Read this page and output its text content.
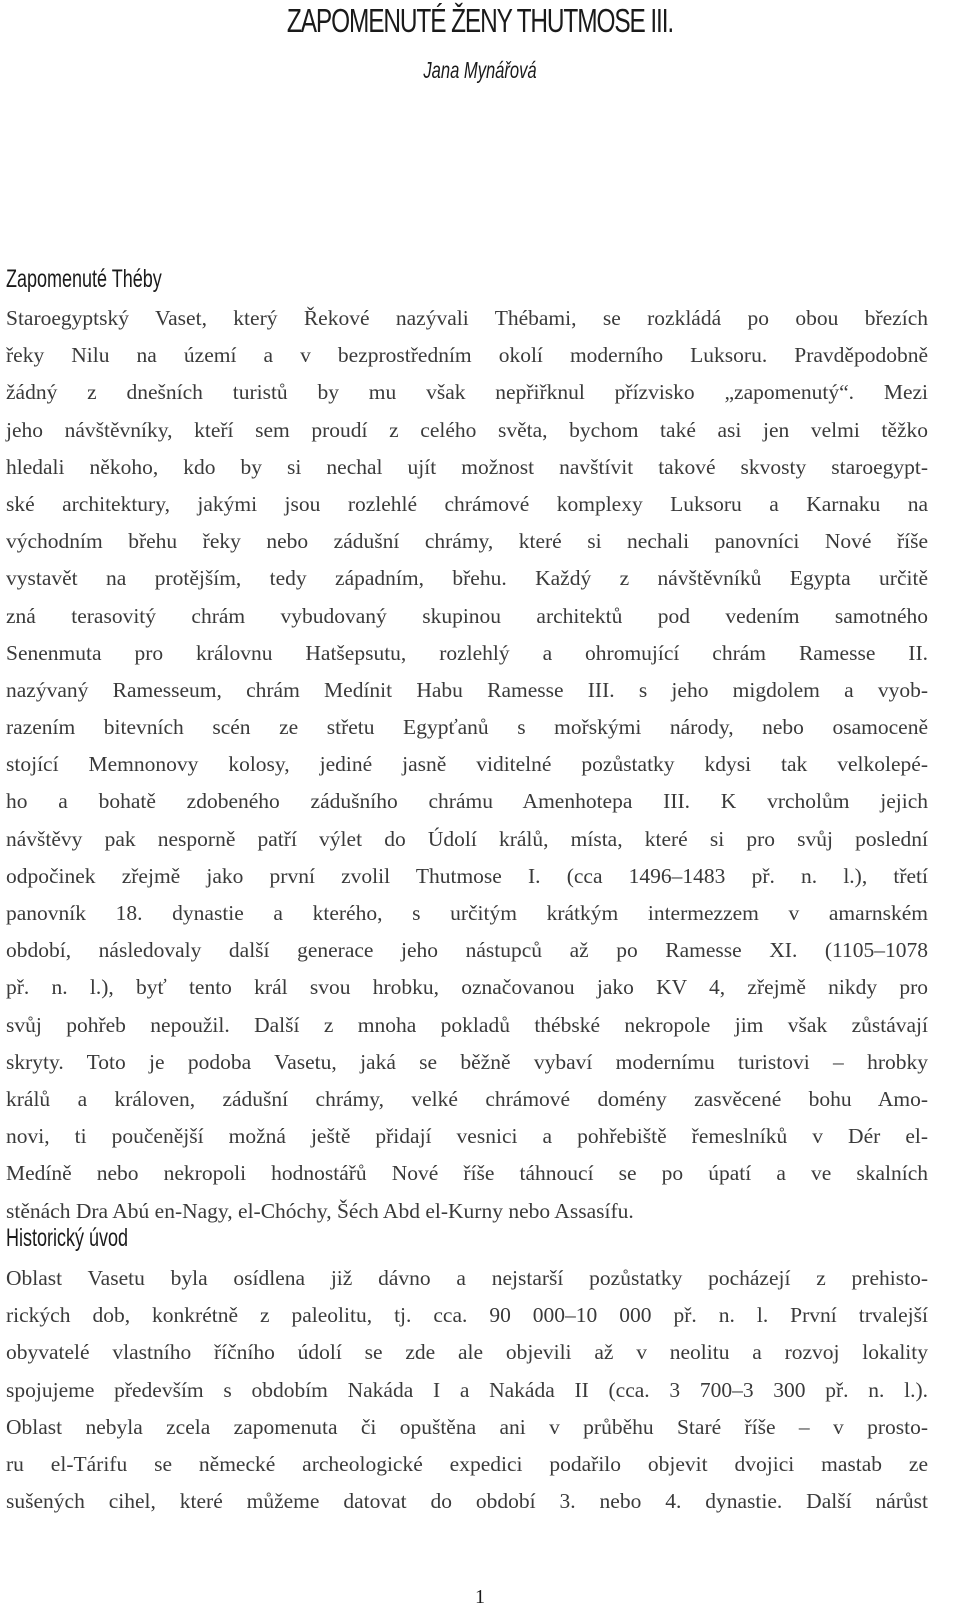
ZAPOMENUTÉ ŽENY THUTMOSE III.
Jana Mynářová
Zapomenuté Théby
Staroegyptský Vaset, který Řekové nazývali Thébami, se rozkládá po obou březích
řeky Nilu na území a v bezprostředním okolí moderního Luksoru. Pravděpodobně
žádný z dnešních turistů by mu však nepřiřknul přízvisko „zapomenutý“. Mezi
jeho návštěvníky, kteří sem proudí z celého světa, bychom také asi jen velmi těžko
hledali někoho, kdo by si nechal ujít možnost navštívit takové skvosty staroegypt-
ské architektury, jakými jsou rozlehlé chrámové komplexy Luksoru a Karnaku na
východním břehu řeky nebo zádušní chrámy, které si nechali panovníci Nové říše
vystavět na protějším, tedy západním, břehu. Každý z návštěvníků Egypta určitě
zná terasovitý chrám vybudovaný skupinou architektů pod vedením samotného
Senenmuta pro královnu Hatšepsutu, rozlehlý a ohromující chrám Ramesse II.
nazývaný Ramesseum, chrám Medínit Habu Ramesse III. s jeho migdolem a vyob-
razením bitevních scén ze střetu Egypťanů s mořskými národy, nebo osamoceně
stojící Memnonovy kolosy, jediné jasně viditelné pozůstatky kdysi tak velkolepé-
ho a bohatě zdobeného zádušního chrámu Amenhotepa III. K vrcholům jejich
návštěvy pak nesporně patří výlet do Údolí králů, místa, které si pro svůj poslední
odpočinek zřejmě jako první zvolil Thutmose I. (cca 1496–1483 př. n. l.), třetí
panovník 18. dynastie a kterého, s určitým krátkým intermezzem v amarnském
období, následovaly další generace jeho nástupců až po Ramesse XI. (1105–1078
př. n. l.), byť tento král svou hrobku, označovanou jako KV 4, zřejmě nikdy pro
svůj pohřeb nepoužil. Další z mnoha pokladů thébské nekropole jim však zůstávají
skryty. Toto je podoba Vasetu, jaká se běžně vybaví modernímu turistovi – hrobky
králů a královen, zádušní chrámy, velké chrámové domény zasvěcené bohu Amo-
novi, ti poučenější možná ještě přidají vesnici a pohřebiště řemeslníků v Dér el-
Medíně nebo nekropoli hodnostářů Nové říše táhnoucí se po úpatí a ve skalních
stěnách Dra Abú en-Nagy, el-Chóchy, Šéch Abd el-Kurny nebo Assasífu.
Historický úvod
Oblast Vasetu byla osídlena již dávno a nejstarší pozůstatky pocházejí z prehisto-
rických dob, konkrétně z paleolitu, tj. cca. 90 000–10 000 př. n. l. První trvalejší
obyvatelé vlastního říčního údolí se zde ale objevili až v neolitu a rozvoj lokality
spojujeme především s obdobím Nakáda I a Nakáda II (cca. 3 700–3 300 př. n. l.).
Oblast nebyla zcela zapomenuta či opuštěna ani v průběhu Staré říše – v prosto-
ru el-Tárifu se německé archeologické expedici podařilo objevit dvojici mastab ze
sušených cihel, které můžeme datovat do období 3. nebo 4. dynastie. Další nárůst
1
